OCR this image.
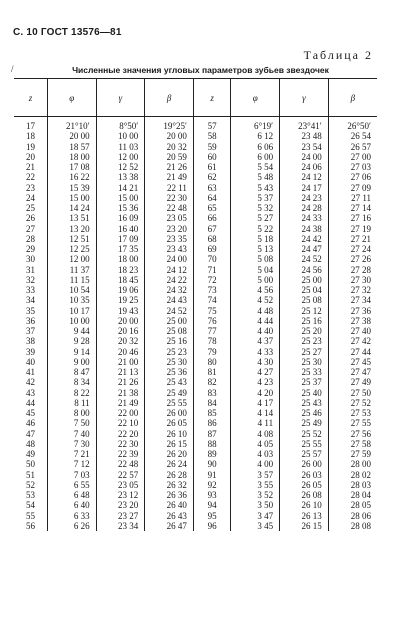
С. 10 ГОСТ 13576—81
/
Таблица 2
Численные значения угловых параметров зубьев звездочек
z	φ	γ	β	z	φ	γ	β
17	21°10′	8°50′	19°25′	57	6°19′	23°41′	26°50′
18	20 00	10 00	20 00	58	6 12	23 48	26 54
19	18 57	11 03	20 32	59	6 06	23 54	26 57
20	18 00	12 00	20 59	60	6 00	24 00	27 00
21	17 08	12 52	21 26	61	5 54	24 06	27 03
22	16 22	13 38	21 49	62	5 48	24 12	27 06
23	15 39	14 21	22 11	63	5 43	24 17	27 09
24	15 00	15 00	22 30	64	5 37	24 23	27 11
25	14 24	15 36	22 48	65	5 32	24 28	27 14
26	13 51	16 09	23 05	66	5 27	24 33	27 16
27	13 20	16 40	23 20	67	5 22	24 38	27 19
28	12 51	17 09	23 35	68	5 18	24 42	27 21
29	12 25	17 35	23 43	69	5 13	24 47	27 24
30	12 00	18 00	24 00	70	5 08	24 52	27 26
31	11 37	18 23	24 12	71	5 04	24 56	27 28
32	11 15	18 45	24 22	72	5 00	25 00	27 30
33	10 54	19 06	24 32	73	4 56	25 04	27 32
34	10 35	19 25	24 43	74	4 52	25 08	27 34
35	10 17	19 43	24 52	75	4 48	25 12	27 36
36	10 00	20 00	25 00	76	4 44	25 16	27 38
37	9 44	20 16	25 08	77	4 40	25 20	27 40
38	9 28	20 32	25 16	78	4 37	25 23	27 42
39	9 14	20 46	25 23	79	4 33	25 27	27 44
40	9 00	21 00	25 30	80	4 30	25 30	27 45
41	8 47	21 13	25 36	81	4 27	25 33	27 47
42	8 34	21 26	25 43	82	4 23	25 37	27 49
43	8 22	21 38	25 49	83	4 20	25 40	27 50
44	8 11	21 49	25 55	84	4 17	25 43	27 52
45	8 00	22 00	26 00	85	4 14	25 46	27 53
46	7 50	22 10	26 05	86	4 11	25 49	27 55
47	7 40	22 20	26 10	87	4 08	25 52	27 56
48	7 30	22 30	26 15	88	4 05	25 55	27 58
49	7 21	22 39	26 20	89	4 03	25 57	27 59
50	7 12	22 48	26 24	90	4 00	26 00	28 00
51	7 03	22 57	26 28	91	3 57	26 03	28 02
52	6 55	23 05	26 32	92	3 55	26 05	28 03
53	6 48	23 12	26 36	93	3 52	26 08	28 04
54	6 40	23 20	26 40	94	3 50	26 10	28 05
55	6 33	23 27	26 43	95	3 47	26 13	28 06
56	6 26	23 34	26 47	96	3 45	26 15	28 08
